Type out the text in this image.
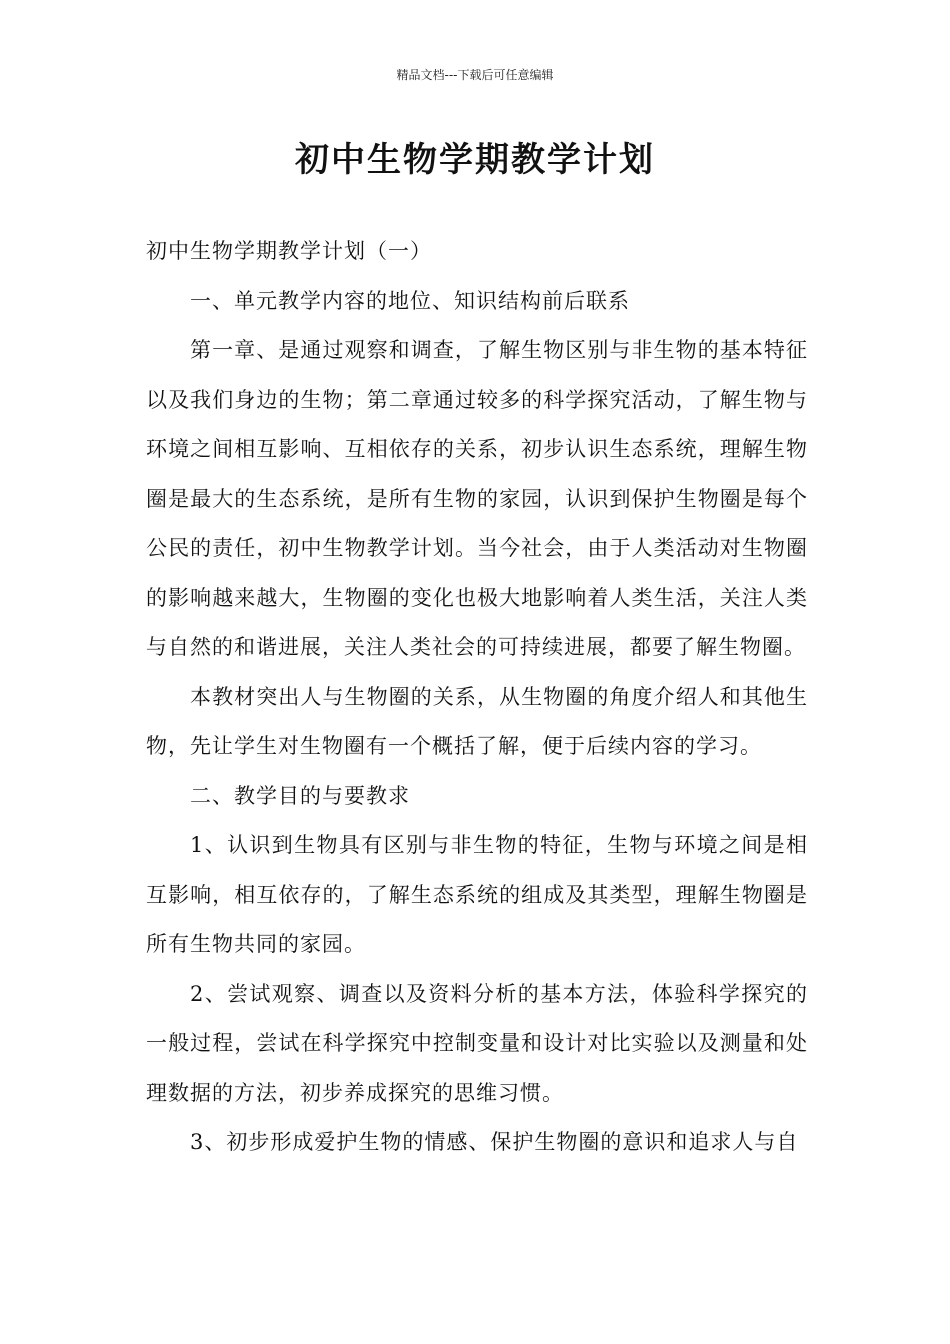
精品文档---下载后可任意编辑
初中生物学期教学计划

初中生物学期教学计划（一）

一、单元教学内容的地位、知识结构前后联系

第一章、是通过观察和调查，了解生物区别与非生物的基本特征以及我们身边的生物；第二章通过较多的科学探究活动，了解生物与环境之间相互影响、互相依存的关系，初步认识生态系统，理解生物圈是最大的生态系统，是所有生物的家园，认识到保护生物圈是每个公民的责任，初中生物教学计划。当今社会，由于人类活动对生物圈的影响越来越大，生物圈的变化也极大地影响着人类生活，关注人类与自然的和谐进展，关注人类社会的可持续进展，都要了解生物圈。

本教材突出人与生物圈的关系，从生物圈的角度介绍人和其他生物，先让学生对生物圈有一个概括了解，便于后续内容的学习。

二、教学目的与要教求

1、认识到生物具有区别与非生物的特征，生物与环境之间是相互影响，相互依存的，了解生态系统的组成及其类型，理解生物圈是所有生物共同的家园。

2、尝试观察、调查以及资料分析的基本方法，体验科学探究的一般过程，尝试在科学探究中控制变量和设计对比实验以及测量和处理数据的方法，初步养成探究的思维习惯。

3、初步形成爱护生物的情感、保护生物圈的意识和追求人与自
